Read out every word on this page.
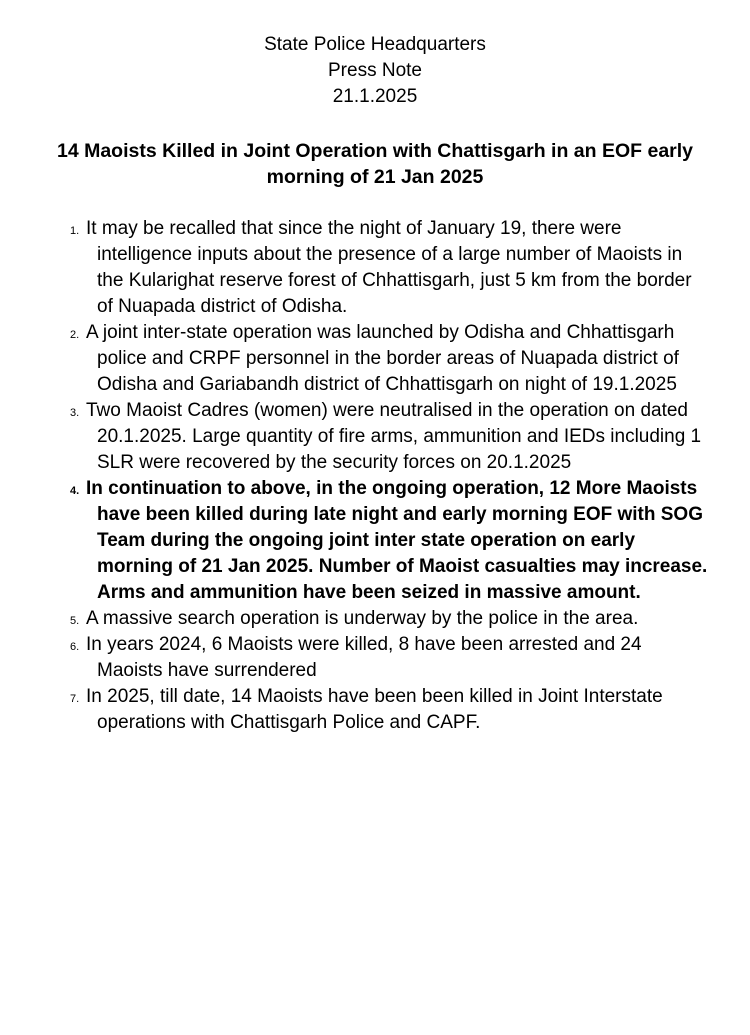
State Police Headquarters
Press Note
21.1.2025
14 Maoists Killed in Joint Operation with Chattisgarh in an EOF early morning of 21 Jan 2025
1. It may be recalled that since the night of January 19, there were intelligence inputs about the presence of a large number of Maoists in the Kularighat reserve forest of Chhattisgarh, just 5 km from the border of Nuapada district of Odisha.
2. A joint inter-state operation was launched by Odisha and Chhattisgarh police and CRPF personnel in the border areas of Nuapada district of Odisha and Gariabandh district of Chhattisgarh on night of 19.1.2025
3. Two Maoist Cadres (women) were neutralised in the operation on dated 20.1.2025. Large quantity of fire arms, ammunition and IEDs including 1 SLR were recovered by the security forces on 20.1.2025
4. In continuation to above, in the ongoing operation, 12 More Maoists have been killed during late night and early morning EOF with SOG Team during the ongoing joint inter state operation on early morning of 21 Jan 2025. Number of Maoist casualties may increase. Arms and ammunition have been seized in massive amount.
5. A massive search operation is underway by the police in the area.
6. In years 2024, 6 Maoists were killed, 8 have been arrested and 24 Maoists have surrendered
7. In 2025, till date, 14 Maoists have been been killed in Joint Interstate operations with Chattisgarh Police and CAPF.
